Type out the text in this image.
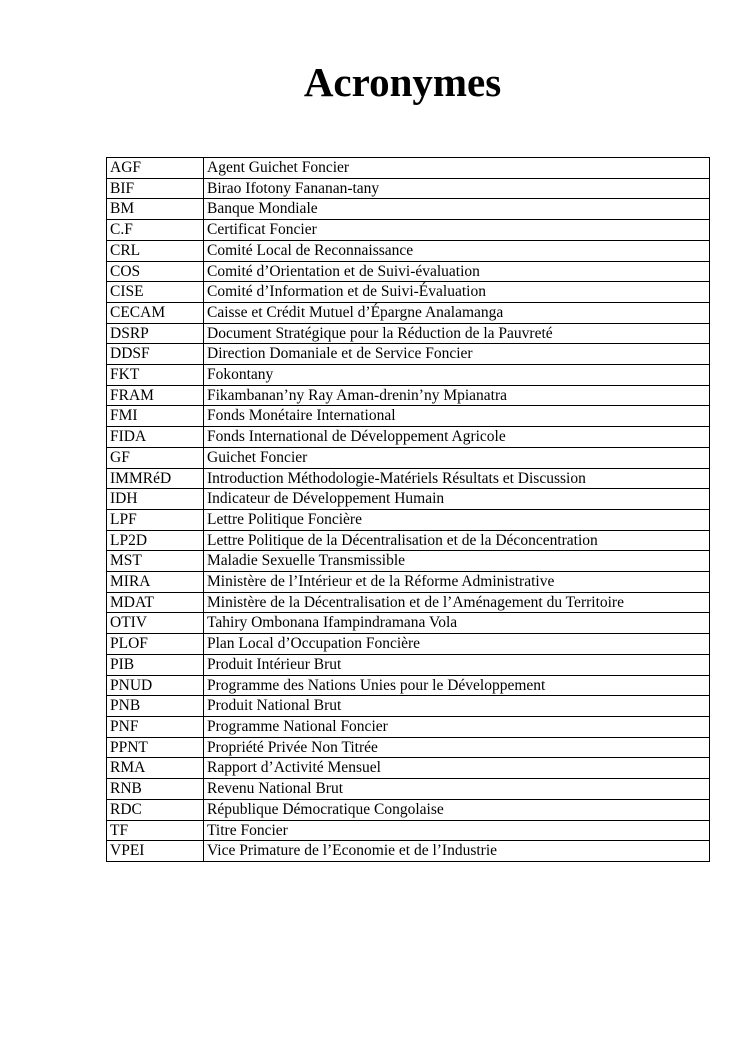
Acronymes
AGF	Agent Guichet Foncier
BIF	Birao Ifotony Fananan-tany
BM	Banque Mondiale
C.F	Certificat Foncier
CRL	Comité Local de Reconnaissance
COS	Comité d’Orientation et de Suivi-évaluation
CISE	Comité d’Information et de Suivi-Évaluation
CECAM	Caisse et Crédit Mutuel d’Épargne Analamanga
DSRP	Document Stratégique pour la Réduction de la Pauvreté
DDSF	Direction Domaniale et de Service Foncier
FKT	Fokontany
FRAM	Fikambanan’ny Ray Aman-drenin’ny Mpianatra
FMI	Fonds Monétaire International
FIDA	Fonds International de Développement Agricole
GF	Guichet Foncier
IMMRéD	Introduction Méthodologie-Matériels Résultats et Discussion
IDH	Indicateur de Développement Humain
LPF	Lettre Politique Foncière
LP2D	Lettre Politique de la Décentralisation et de la Déconcentration
MST	Maladie Sexuelle Transmissible
MIRA	Ministère de l’Intérieur et de la Réforme Administrative
MDAT	Ministère de la Décentralisation et de l’Aménagement du Territoire
OTIV	Tahiry Ombonana Ifampindramana Vola
PLOF	Plan Local d’Occupation Foncière
PIB	Produit Intérieur Brut
PNUD	Programme des Nations Unies pour le Développement
PNB	Produit National Brut
PNF	Programme National Foncier
PPNT	Propriété Privée Non Titrée
RMA	Rapport d’Activité Mensuel
RNB	Revenu National Brut
RDC	République Démocratique Congolaise
TF	Titre Foncier
VPEI	Vice Primature de l’Economie et de l’Industrie
